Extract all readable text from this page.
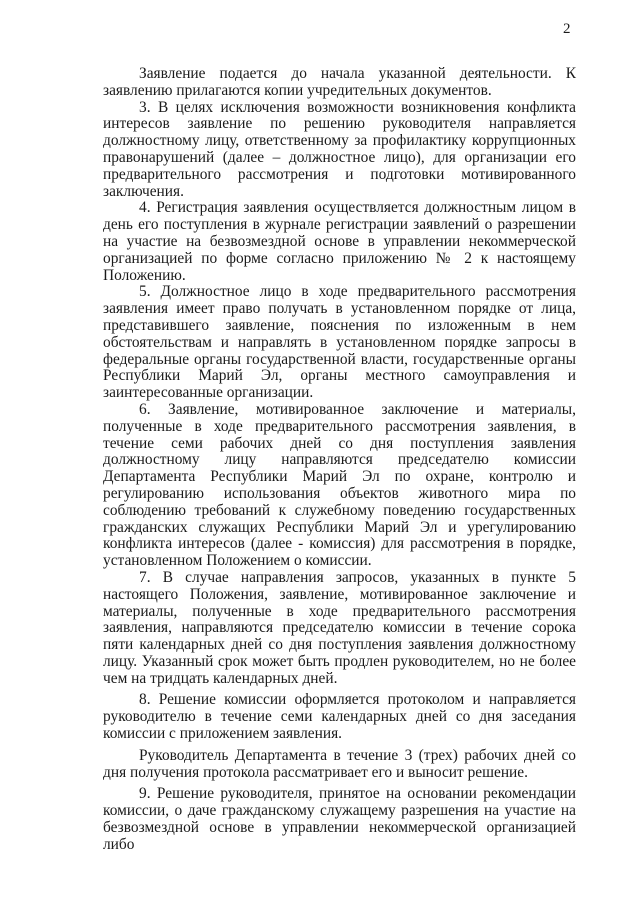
2

Заявление подается до начала указанной деятельности. К заявлению прилагаются копии учредительных документов.

3. В целях исключения возможности возникновения конфликта интересов заявление по решению руководителя направляется должностному лицу, ответственному за профилактику коррупционных правонарушений (далее – должностное лицо), для организации его предварительного рассмотрения и подготовки мотивированного заключения.

4. Регистрация заявления осуществляется должностным лицом в день его поступления в журнале регистрации заявлений о разрешении на участие на безвозмездной основе в управлении некоммерческой организацией по форме согласно приложению № 2 к настоящему Положению.

5. Должностное лицо в ходе предварительного рассмотрения заявления имеет право получать в установленном порядке от лица, представившего заявление, пояснения по изложенным в нем обстоятельствам и направлять в установленном порядке запросы в федеральные органы государственной власти, государственные органы Республики Марий Эл, органы местного самоуправления и заинтересованные организации.

6. Заявление, мотивированное заключение и материалы, полученные в ходе предварительного рассмотрения заявления, в течение семи рабочих дней со дня поступления заявления должностному лицу направляются председателю комиссии Департамента Республики Марий Эл по охране, контролю и регулированию использования объектов животного мира по соблюдению требований к служебному поведению государственных гражданских служащих Республики Марий Эл и урегулированию конфликта интересов (далее - комиссия) для рассмотрения в порядке, установленном Положением о комиссии.

7. В случае направления запросов, указанных в пункте 5 настоящего Положения, заявление, мотивированное заключение и материалы, полученные в ходе предварительного рассмотрения заявления, направляются председателю комиссии в течение сорока пяти календарных дней со дня поступления заявления должностному лицу. Указанный срок может быть продлен руководителем, но не более чем на тридцать календарных дней.

8. Решение комиссии оформляется протоколом и направляется руководителю в течение семи календарных дней со дня заседания комиссии с приложением заявления.

Руководитель Департамента в течение 3 (трех) рабочих дней со дня получения протокола рассматривает его и выносит решение.

9. Решение руководителя, принятое на основании рекомендации комиссии, о даче гражданскому служащему разрешения на участие на безвозмездной основе в управлении некоммерческой организацией либо
